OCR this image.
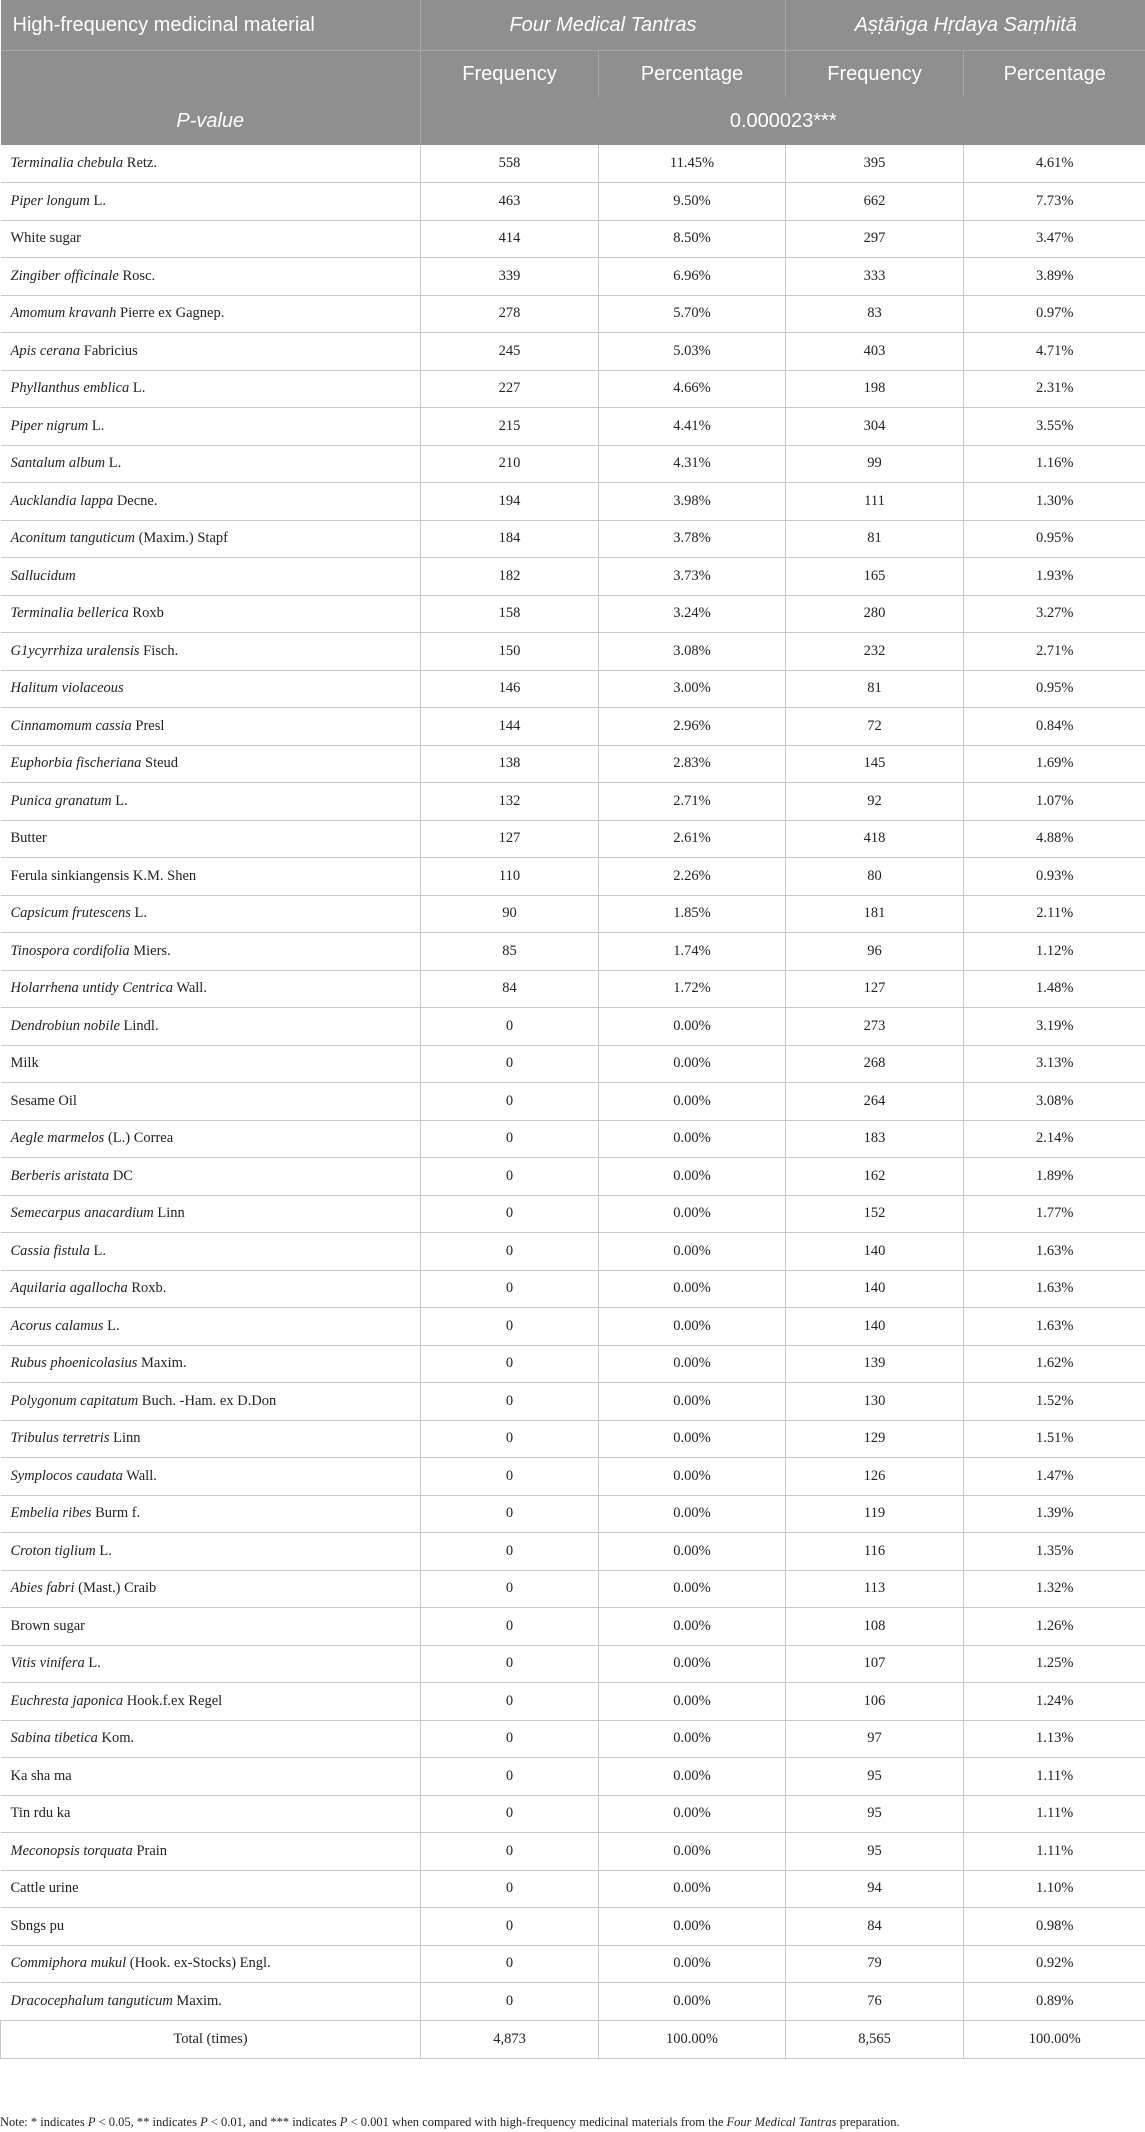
High-frequency medicinal material	Four Medical Tantras		Aṣṭāṅga Hṛdaya Saṃhitā	
	Frequency	Percentage	Frequency	Percentage
P-value	0.000023***			
Terminalia chebula Retz.	558	11.45%	395	4.61%
Piper longum L.	463	9.50%	662	7.73%
White sugar	414	8.50%	297	3.47%
Zingiber officinale Rosc.	339	6.96%	333	3.89%
Amomum kravanh Pierre ex Gagnep.	278	5.70%	83	0.97%
Apis cerana Fabricius	245	5.03%	403	4.71%
Phyllanthus emblica L.	227	4.66%	198	2.31%
Piper nigrum L.	215	4.41%	304	3.55%
Santalum album L.	210	4.31%	99	1.16%
Aucklandia lappa Decne.	194	3.98%	111	1.30%
Aconitum tanguticum (Maxim.) Stapf	184	3.78%	81	0.95%
Sallucidum	182	3.73%	165	1.93%
Terminalia bellerica Roxb	158	3.24%	280	3.27%
G1ycyrrhiza uralensis Fisch.	150	3.08%	232	2.71%
Halitum violaceous	146	3.00%	81	0.95%
Cinnamomum cassia Presl	144	2.96%	72	0.84%
Euphorbia fischeriana Steud	138	2.83%	145	1.69%
Punica granatum L.	132	2.71%	92	1.07%
Butter	127	2.61%	418	4.88%
Ferula sinkiangensis K.M. Shen	110	2.26%	80	0.93%
Capsicum frutescens L.	90	1.85%	181	2.11%
Tinospora cordifolia Miers.	85	1.74%	96	1.12%
Holarrhena untidy Centrica Wall.	84	1.72%	127	1.48%
Dendrobiun nobile Lindl.	0	0.00%	273	3.19%
Milk	0	0.00%	268	3.13%
Sesame Oil	0	0.00%	264	3.08%
Aegle marmelos (L.) Correa	0	0.00%	183	2.14%
Berberis aristata DC	0	0.00%	162	1.89%
Semecarpus anacardium Linn	0	0.00%	152	1.77%
Cassia fistula L.	0	0.00%	140	1.63%
Aquilaria agallocha Roxb.	0	0.00%	140	1.63%
Acorus calamus L.	0	0.00%	140	1.63%
Rubus phoenicolasius Maxim.	0	0.00%	139	1.62%
Polygonum capitatum Buch. -Ham. ex D.Don	0	0.00%	130	1.52%
Tribulus terretris Linn	0	0.00%	129	1.51%
Symplocos caudata Wall.	0	0.00%	126	1.47%
Embelia ribes Burm f.	0	0.00%	119	1.39%
Croton tiglium L.	0	0.00%	116	1.35%
Abies fabri (Mast.) Craib	0	0.00%	113	1.32%
Brown sugar	0	0.00%	108	1.26%
Vitis vinifera L.	0	0.00%	107	1.25%
Euchresta japonica Hook.f.ex Regel	0	0.00%	106	1.24%
Sabina tibetica Kom.	0	0.00%	97	1.13%
Ka sha ma	0	0.00%	95	1.11%
Tin rdu ka	0	0.00%	95	1.11%
Meconopsis torquata Prain	0	0.00%	95	1.11%
Cattle urine	0	0.00%	94	1.10%
Sbngs pu	0	0.00%	84	0.98%
Commiphora mukul (Hook. ex-Stocks) Engl.	0	0.00%	79	0.92%
Dracocephalum tanguticum Maxim.	0	0.00%	76	0.89%
Total (times)	4,873	100.00%	8,565	100.00%
Note: * indicates P < 0.05, ** indicates P < 0.01, and *** indicates P < 0.001 when compared with high-frequency medicinal materials from the Four Medical Tantras preparation.
